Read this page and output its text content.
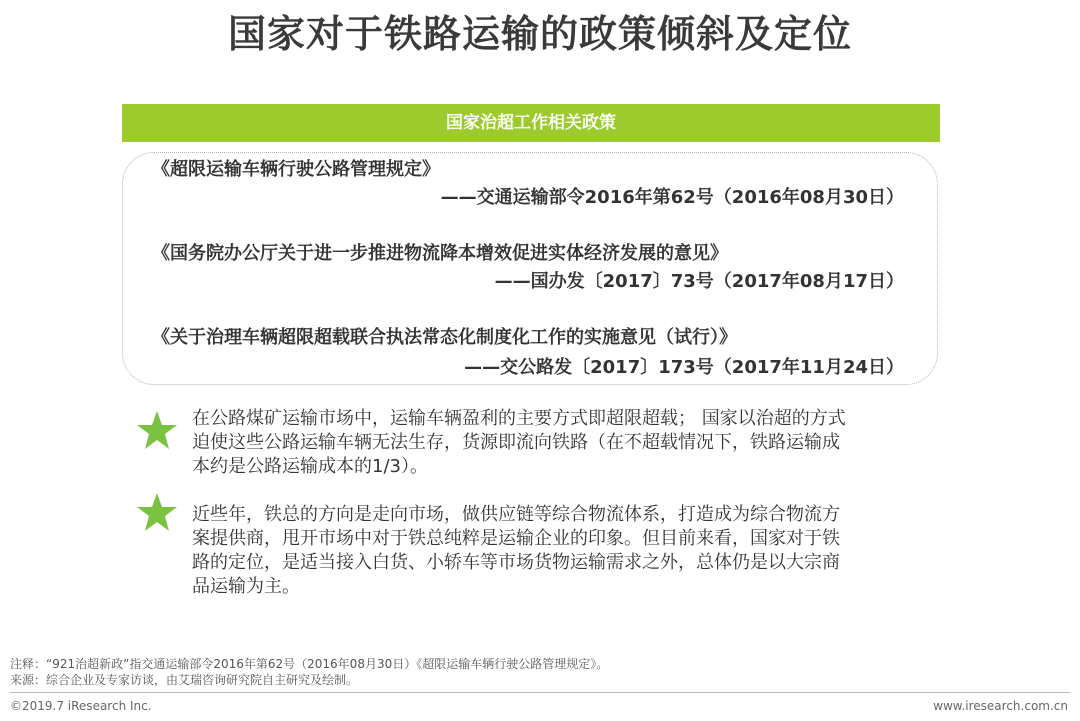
国家对于铁路运输的政策倾斜及定位
国家治超工作相关政策
《超限运输车辆行驶公路管理规定》
——交通运输部令2016年第62号（2016年08月30日）
《国务院办公厅关于进一步推进物流降本增效促进实体经济发展的意见》
——国办发〔2017〕73号（2017年08月17日）
《关于治理车辆超限超载联合执法常态化制度化工作的实施意见（试行）》
——交公路发〔2017〕173号（2017年11月24日）
在公路煤矿运输市场中，运输车辆盈利的主要方式即超限超载； 国家以治超的方式
迫使这些公路运输车辆无法生存，货源即流向铁路（在不超载情况下，铁路运输成
本约是公路运输成本的1/3）。
近些年，铁总的方向是走向市场，做供应链等综合物流体系，打造成为综合物流方
案提供商，甩开市场中对于铁总纯粹是运输企业的印象。但目前来看，国家对于铁
路的定位，是适当接入白货、小轿车等市场货物运输需求之外，总体仍是以大宗商
品运输为主。
注释：“921治超新政”指交通运输部令2016年第62号（2016年08月30日）《超限运输车辆行驶公路管理规定》。
来源：综合企业及专家访谈，由艾瑞咨询研究院自主研究及绘制。
©2019.7 iResearch Inc.	www.iresearch.com.cn
